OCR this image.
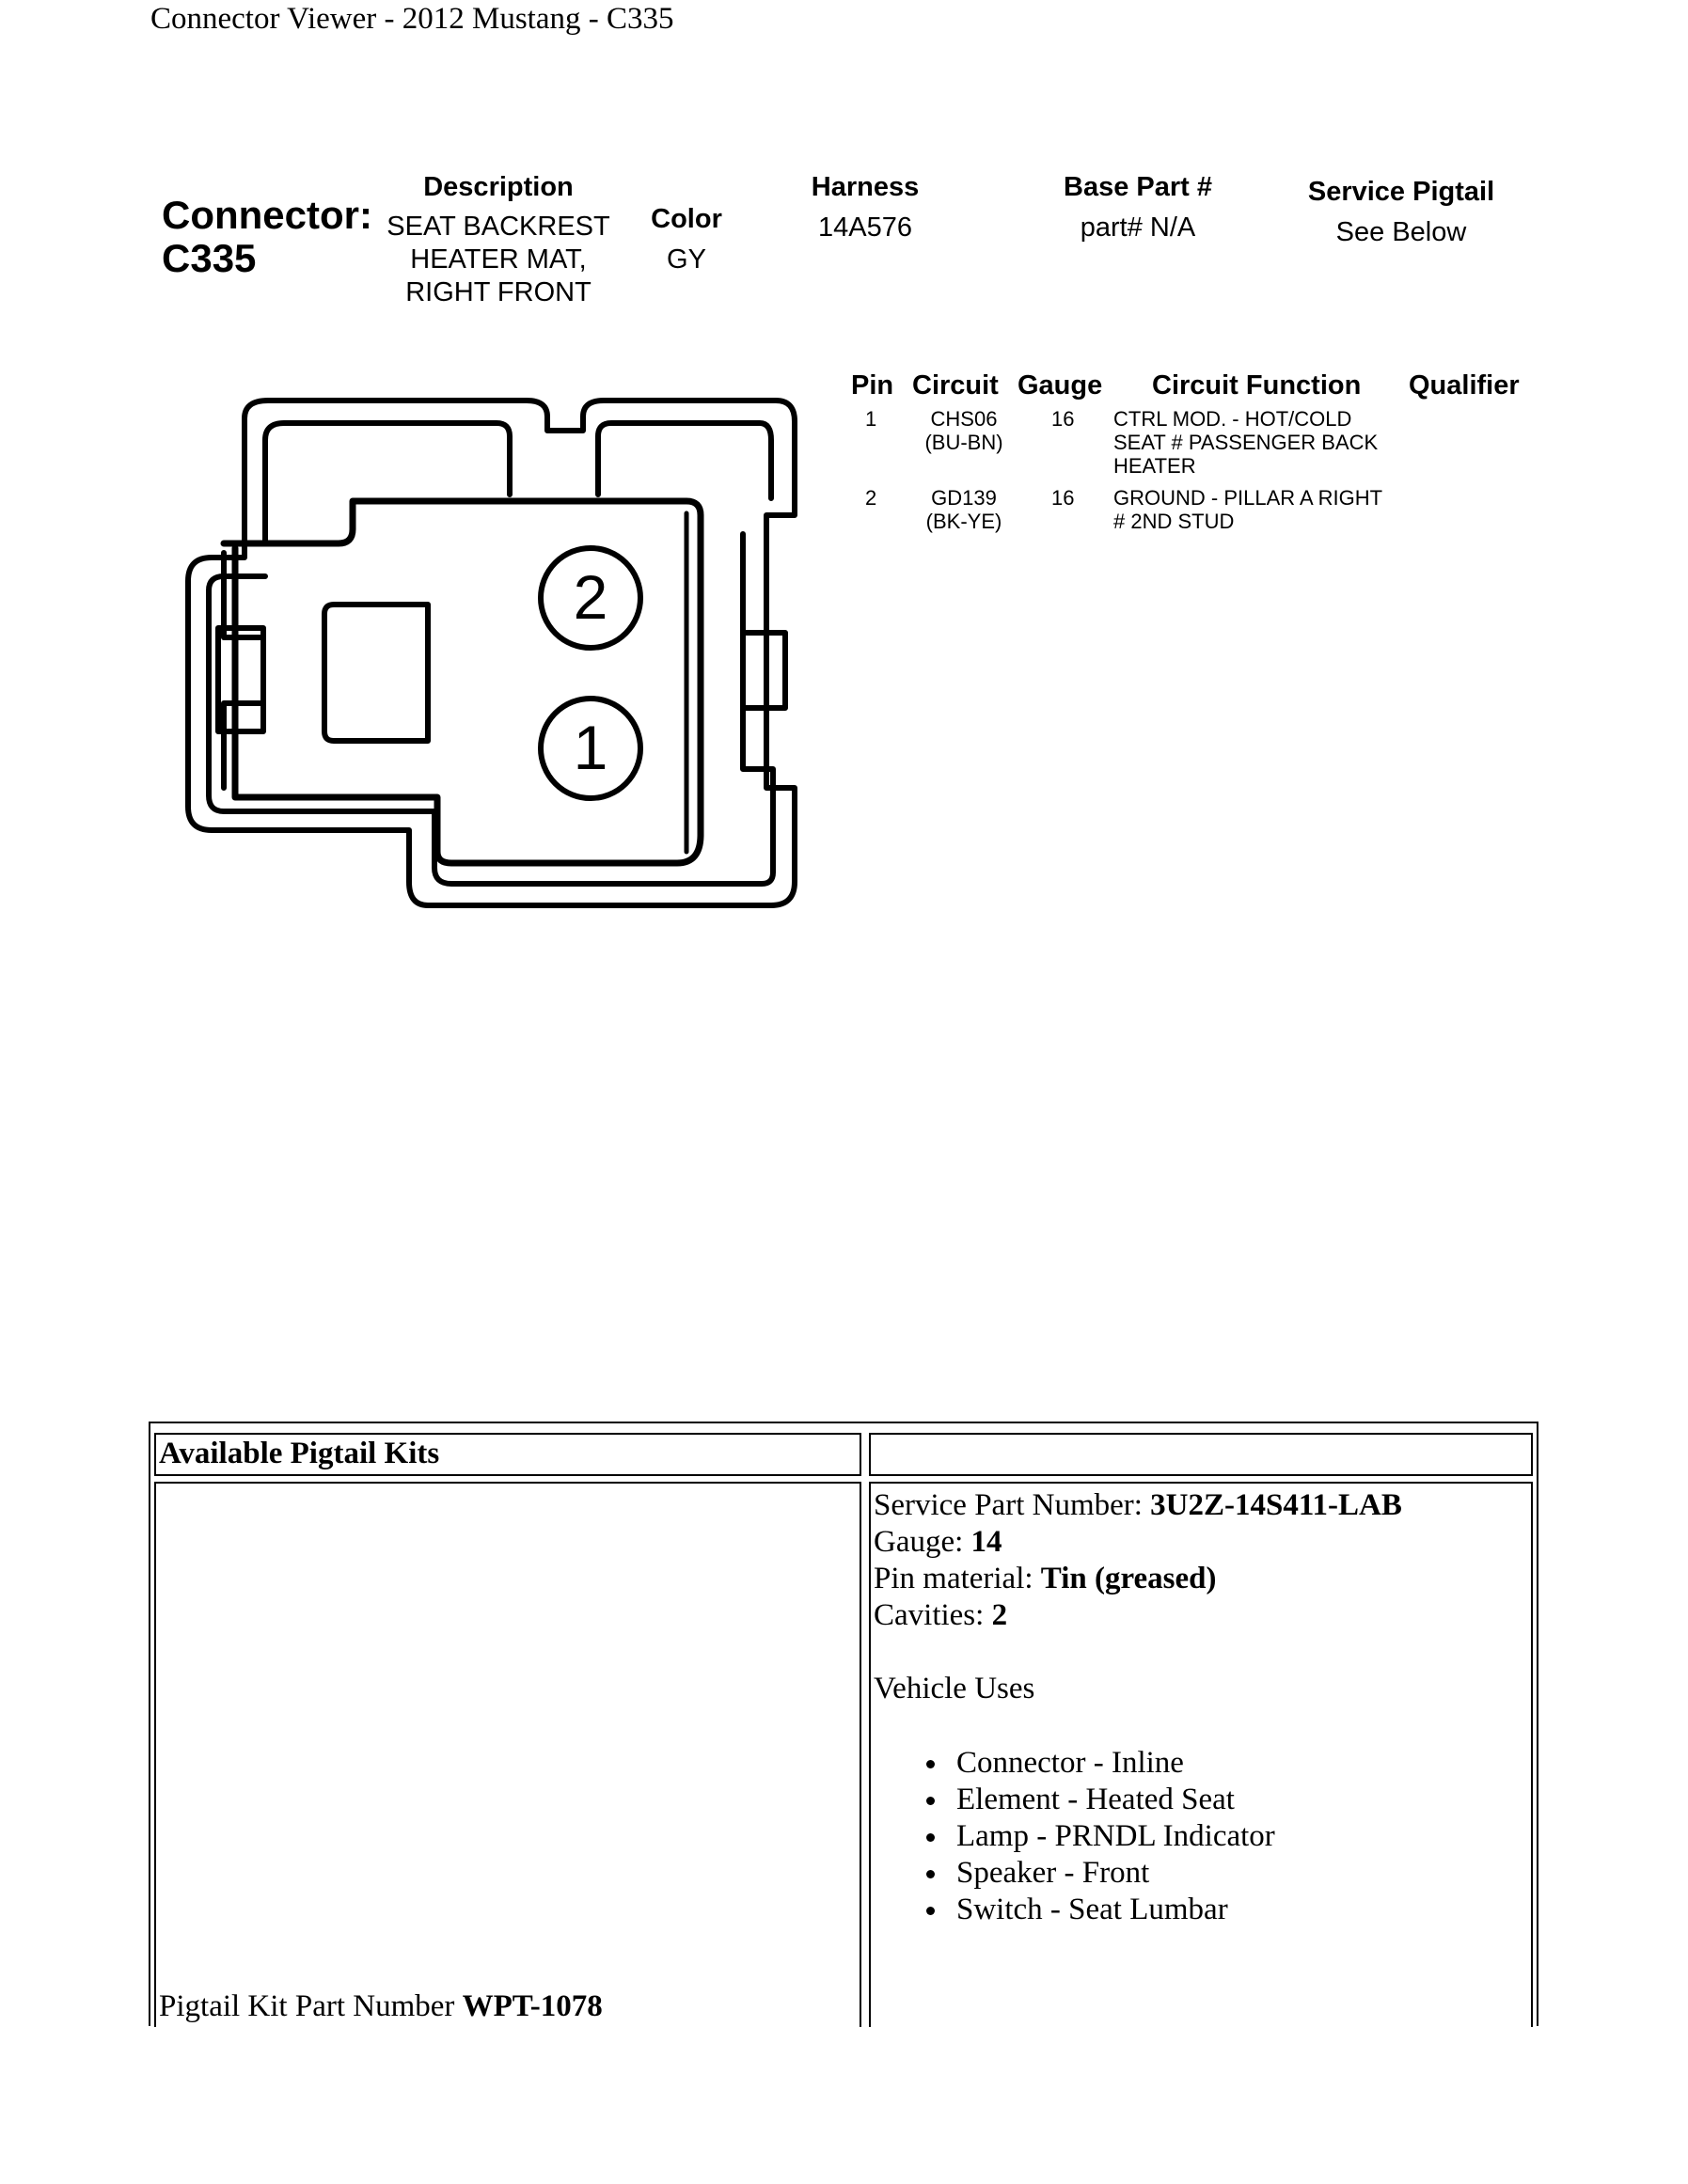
Connector Viewer - 2012 Mustang - C335
Connector:
C335
Description
SEAT BACKREST
HEATER MAT,
RIGHT FRONT
Color
GY
Harness
14A576
Base Part #
part# N/A
Service Pigtail
See Below
Pin Circuit Gauge Circuit Function Qualifier
1	CHS06
(BU-BN)
16 CTRL MOD. - HOT/COLD
SEAT # PASSENGER BACK
HEATER
2	GD139
(BK-YE)
16 GROUND - PILLAR A RIGHT
# 2ND STUD
2
1
Available Pigtail Kits
Pigtail Kit Part Number WPT-1078
Service Part Number: 3U2Z-14S411-LAB
Gauge: 14
Pin material: Tin (greased)
Cavities: 2
Vehicle Uses
Connector - Inline
Element - Heated Seat
Lamp - PRNDL Indicator
Speaker - Front
Switch - Seat Lumbar
